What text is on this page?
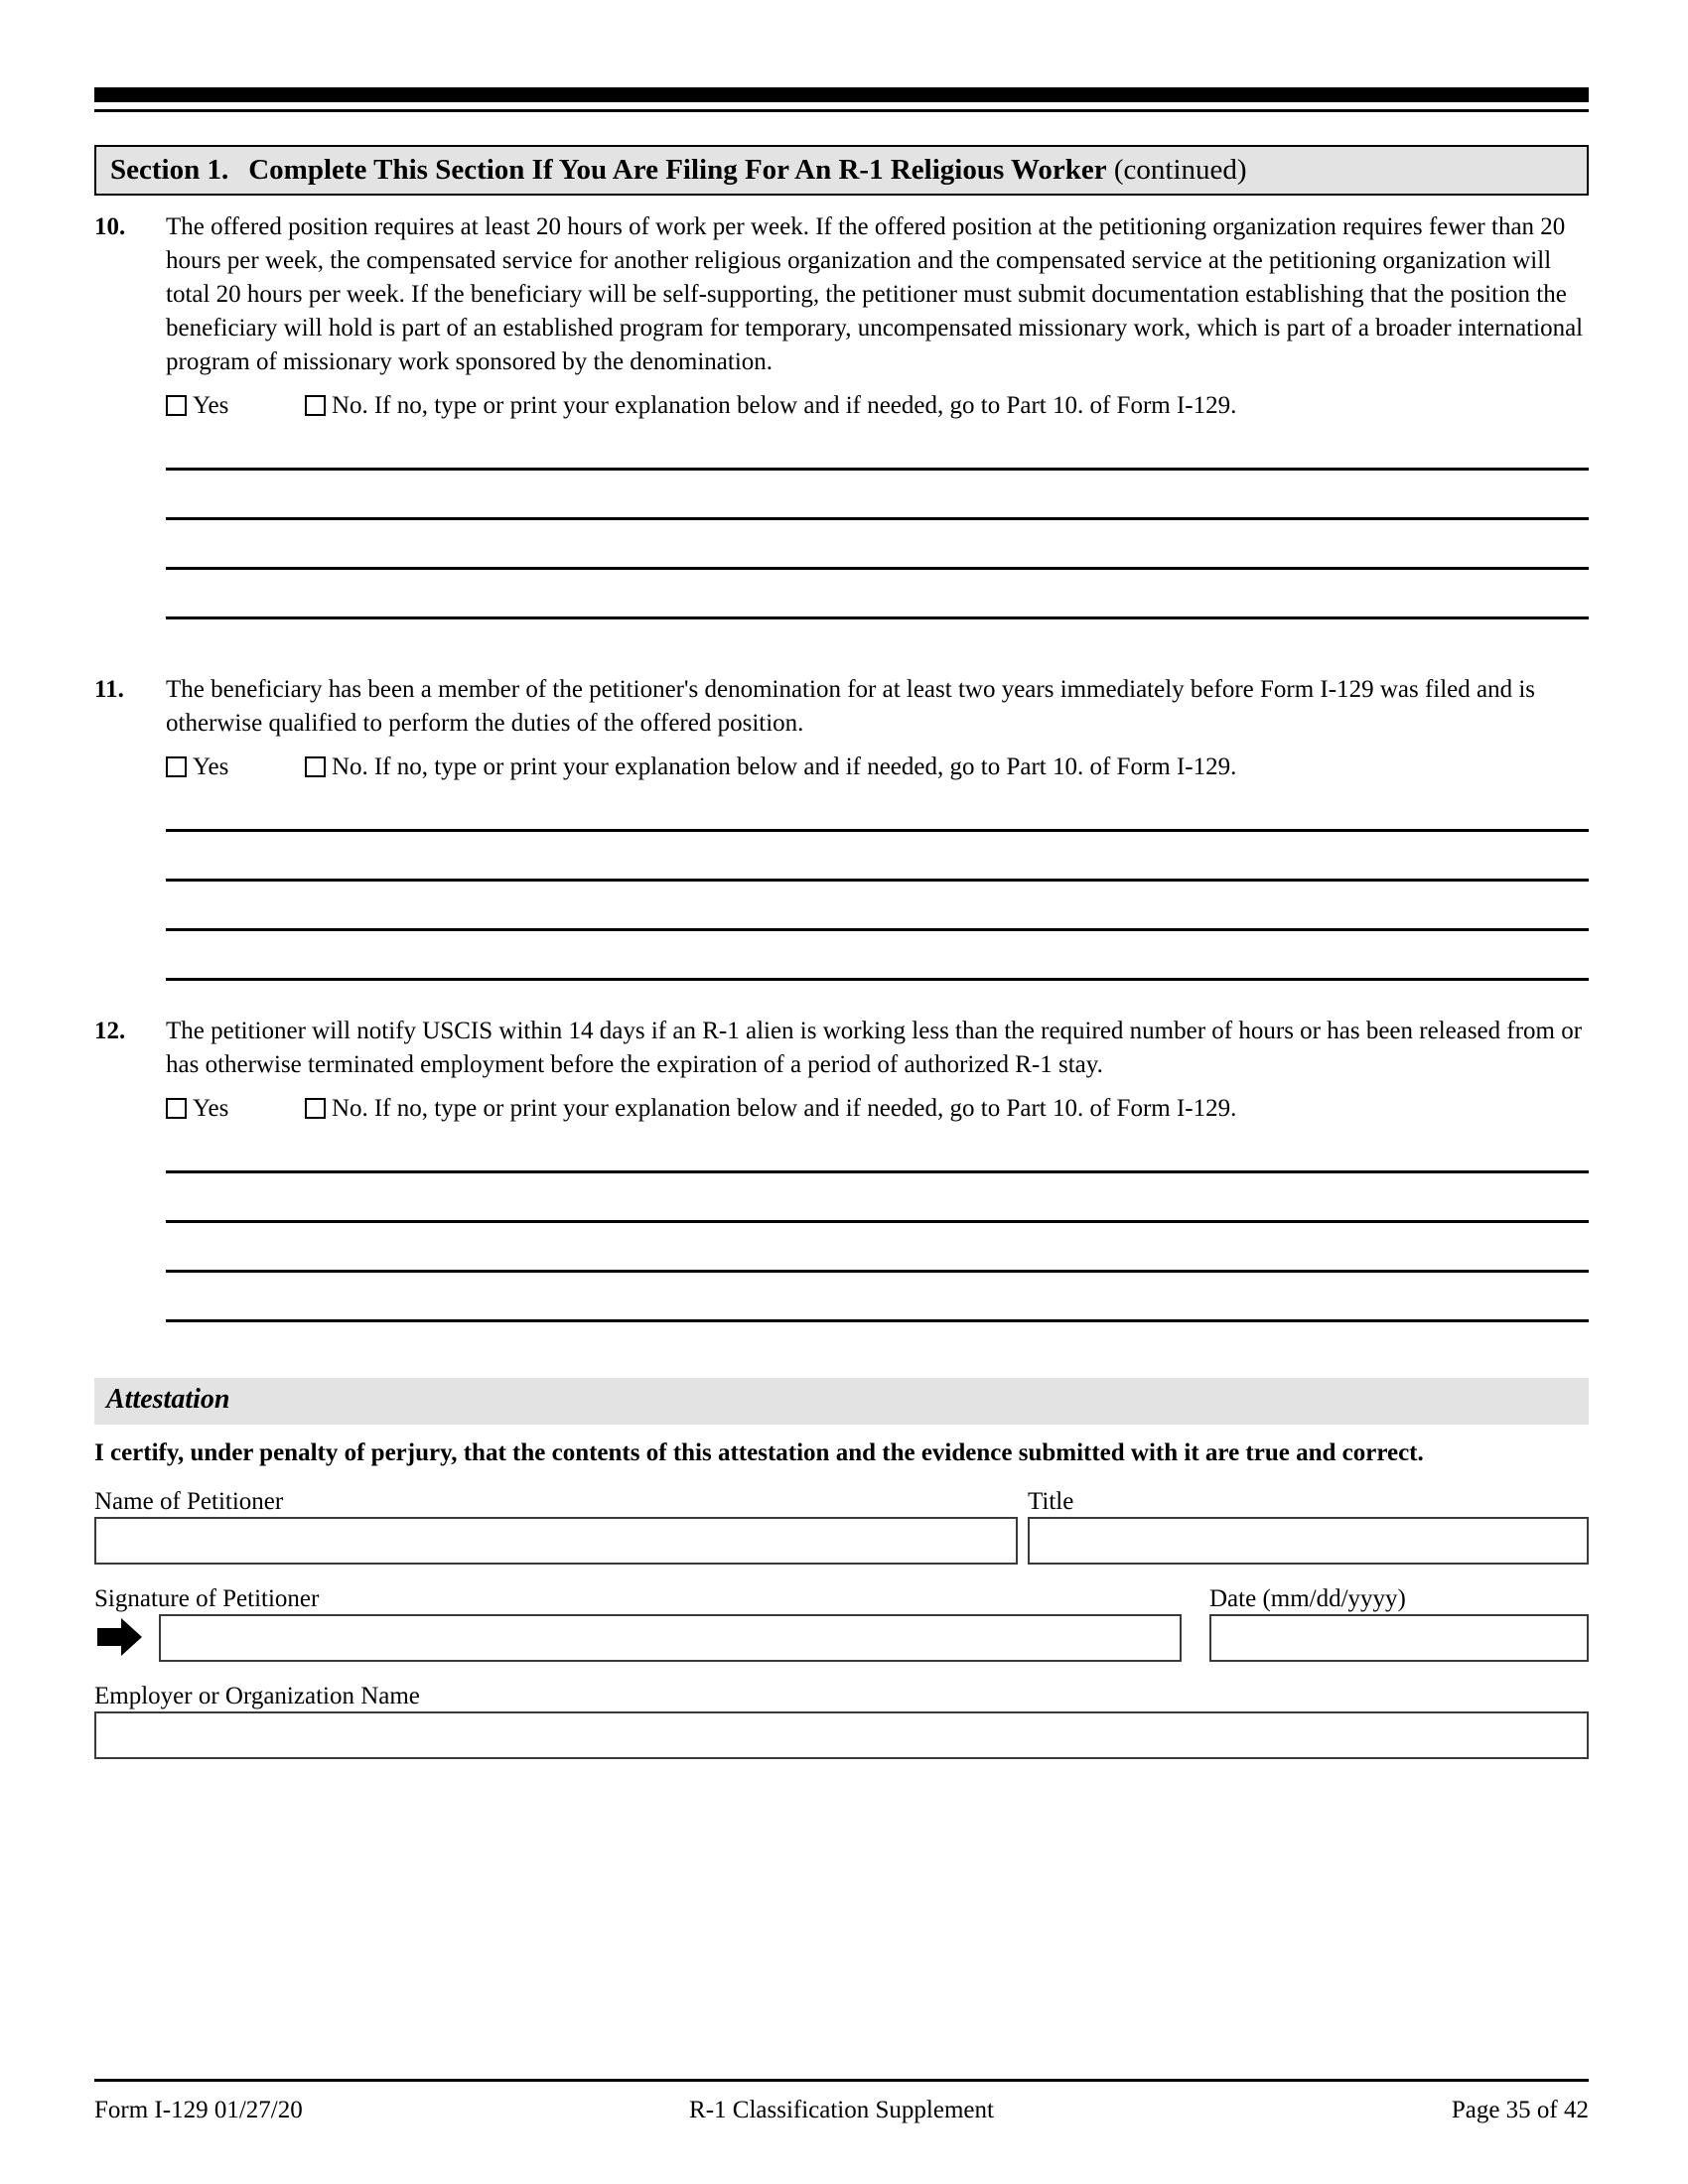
Section 1. Complete This Section If You Are Filing For An R-1 Religious Worker (continued)
10.	The offered position requires at least 20 hours of work per week. If the offered position at the petitioning organization requires fewer than 20 hours per week, the compensated service for another religious organization and the compensated service at the petitioning organization will total 20 hours per week. If the beneficiary will be self-supporting, the petitioner must submit documentation establishing that the position the beneficiary will hold is part of an established program for temporary, uncompensated missionary work, which is part of a broader international program of missionary work sponsored by the denomination.
Yes	No. If no, type or print your explanation below and if needed, go to Part 10. of Form I-129.
11.	The beneficiary has been a member of the petitioner's denomination for at least two years immediately before Form I-129 was filed and is otherwise qualified to perform the duties of the offered position.
Yes	No. If no, type or print your explanation below and if needed, go to Part 10. of Form I-129.
12.	The petitioner will notify USCIS within 14 days if an R-1 alien is working less than the required number of hours or has been released from or has otherwise terminated employment before the expiration of a period of authorized R-1 stay.
Yes	No. If no, type or print your explanation below and if needed, go to Part 10. of Form I-129.
Attestation
I certify, under penalty of perjury, that the contents of this attestation and the evidence submitted with it are true and correct.
Name of Petitioner	Title
Signature of Petitioner	Date (mm/dd/yyyy)
Employer or Organization Name
Form I-129 01/27/20	R-1 Classification Supplement	Page 35 of 42
